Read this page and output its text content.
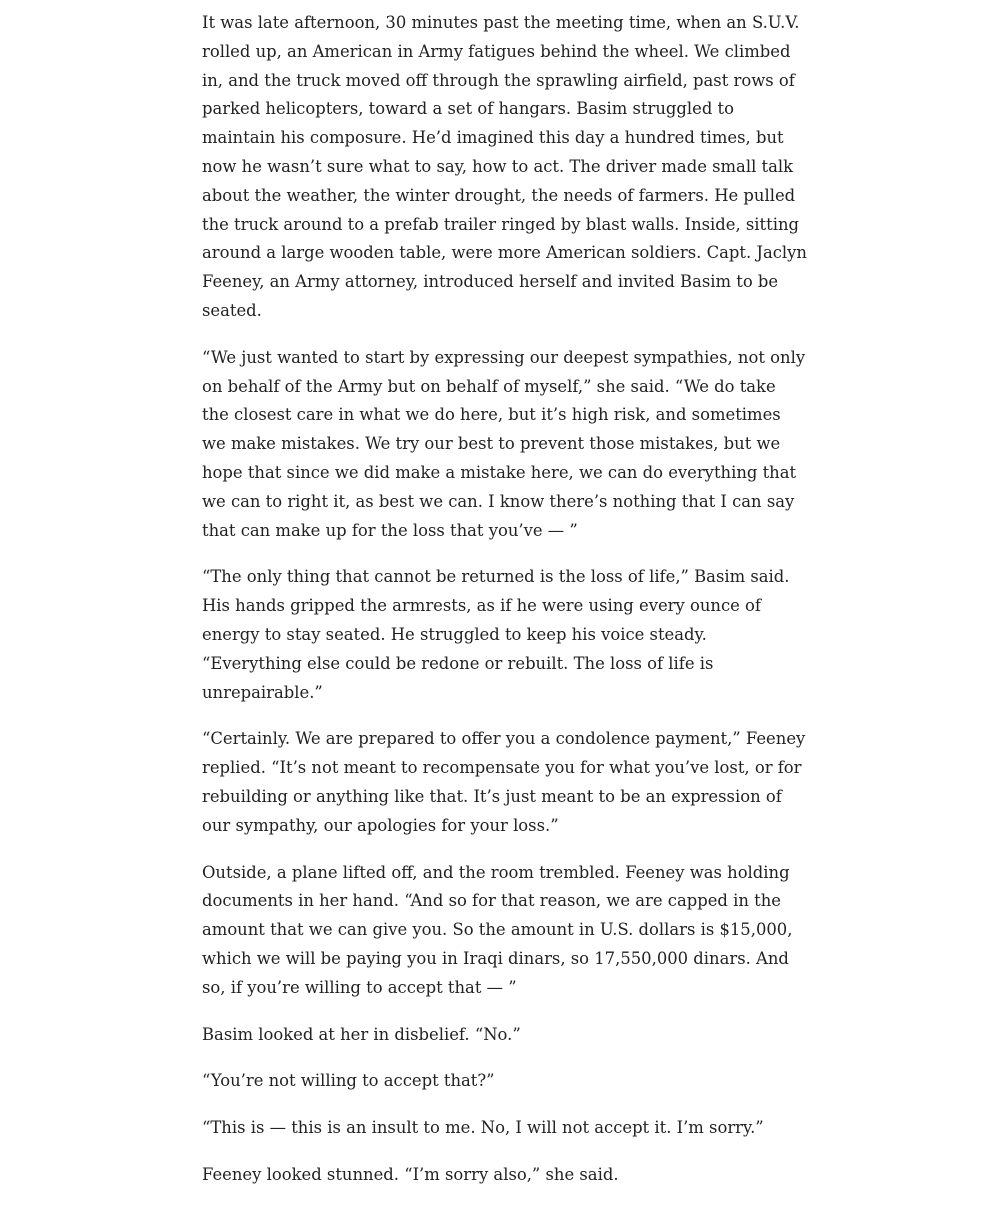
It was late afternoon, 30 minutes past the meeting time, when an S.U.V. rolled up, an American in Army fatigues behind the wheel. We climbed in, and the truck moved off through the sprawling airfield, past rows of parked helicopters, toward a set of hangars. Basim struggled to maintain his composure. He’d imagined this day a hundred times, but now he wasn’t sure what to say, how to act. The driver made small talk about the weather, the winter drought, the needs of farmers. He pulled the truck around to a prefab trailer ringed by blast walls. Inside, sitting around a large wooden table, were more American soldiers. Capt. Jaclyn Feeney, an Army attorney, introduced herself and invited Basim to be seated.

“We just wanted to start by expressing our deepest sympathies, not only on behalf of the Army but on behalf of myself,” she said. “We do take the closest care in what we do here, but it’s high risk, and sometimes we make mistakes. We try our best to prevent those mistakes, but we hope that since we did make a mistake here, we can do everything that we can to right it, as best we can. I know there’s nothing that I can say that can make up for the loss that you’ve — ”

“The only thing that cannot be returned is the loss of life,” Basim said. His hands gripped the armrests, as if he were using every ounce of energy to stay seated. He struggled to keep his voice steady. “Everything else could be redone or rebuilt. The loss of life is unrepairable.”

“Certainly. We are prepared to offer you a condolence payment,” Feeney replied. “It’s not meant to recompensate you for what you’ve lost, or for rebuilding or anything like that. It’s just meant to be an expression of our sympathy, our apologies for your loss.”

Outside, a plane lifted off, and the room trembled. Feeney was holding documents in her hand. “And so for that reason, we are capped in the amount that we can give you. So the amount in U.S. dollars is $15,000, which we will be paying you in Iraqi dinars, so 17,550,000 dinars. And so, if you’re willing to accept that — ”

Basim looked at her in disbelief. “No.”

“You’re not willing to accept that?”

“This is — this is an insult to me. No, I will not accept it. I’m sorry.”

Feeney looked stunned. “I’m sorry also,” she said.
